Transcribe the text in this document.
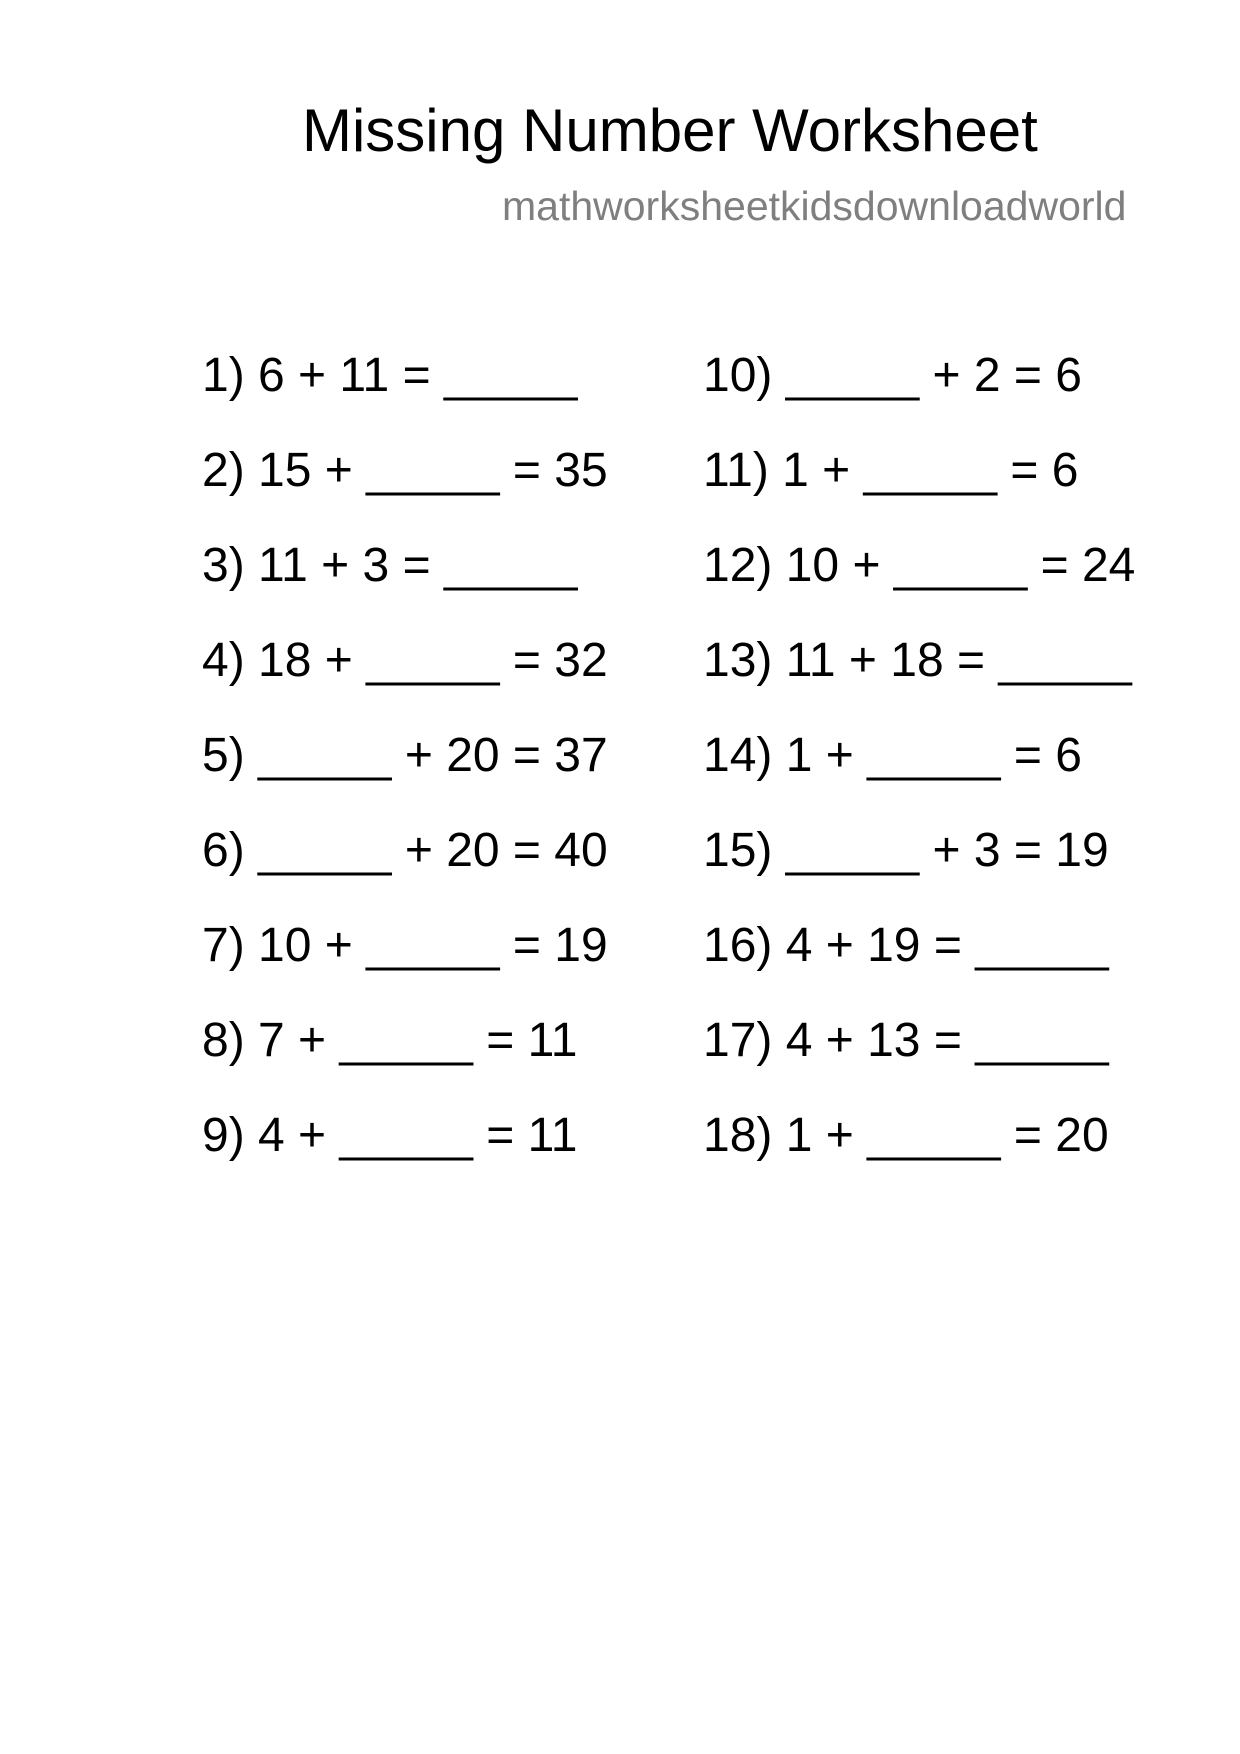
Missing Number Worksheet
mathworksheetkidsdownloadworld
1) 6 + 11 = _____
2) 15 + _____ = 35
3) 11 + 3 = _____
4) 18 + _____ = 32
5) _____ + 20 = 37
6) _____ + 20 = 40
7) 10 + _____ = 19
8) 7 + _____ = 11
9) 4 + _____ = 11
10) _____ + 2 = 6
11) 1 + _____ = 6
12) 10 + _____ = 24
13) 11 + 18 = _____
14) 1 + _____ = 6
15) _____ + 3 = 19
16) 4 + 19 = _____
17) 4 + 13 = _____
18) 1 + _____ = 20
